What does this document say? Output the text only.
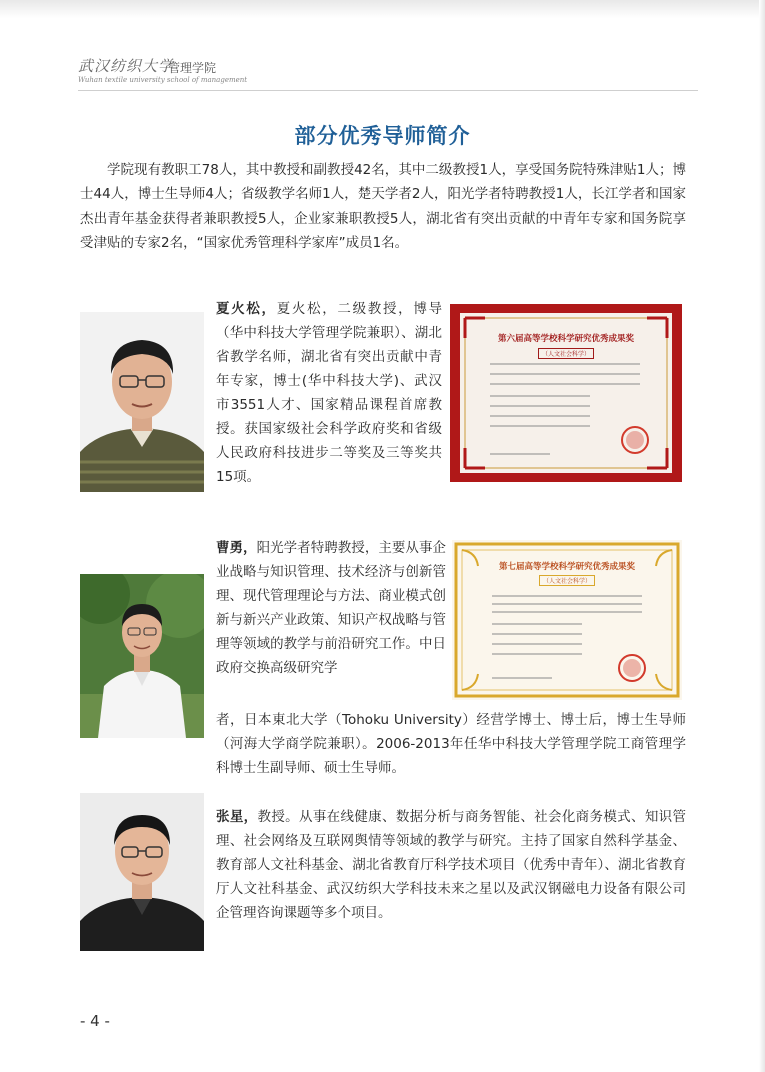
武汉纺织大学
管理学院
Wuhan textile university school of management
部分优秀导师简介

学院现有教职工78人，其中教授和副教授42名，其中二级教授1人，享受国务院特殊津贴1人；博士44人，博士生导师4人；省级教学名师1人，楚天学者2人，阳光学者特聘教授1人，长江学者和国家杰出青年基金获得者兼职教授5人，企业家兼职教授5人，湖北省有突出贡献的中青年专家和国务院享受津贴的专家2名，“国家优秀管理科学家库”成员1名。

夏火松，夏火松，二级教授，博导（华中科技大学管理学院兼职）、湖北省教学名师，湖北省有突出贡献中青年专家，博士(华中科技大学)、武汉市3551人才、国家精品课程首席教授。获国家级社会科学政府奖和省级人民政府科技进步二等奖及三等奖共15项。
第六届高等学校科学研究优秀成果奖
（人文社会科学）
曹勇，阳光学者特聘教授，主要从事企业战略与知识管理、技术经济与创新管理、现代管理理论与方法、商业模式创新与新兴产业政策、知识产权战略与管理等领域的教学与前沿研究工作。中日政府交换高级研究学
者，日本東北大学（Tohoku University）经营学博士、博士后，博士生导师（河海大学商学院兼职）。2006-2013年任华中科技大学管理学院工商管理学科博士生副导师、硕士生导师。
第七届高等学校科学研究优秀成果奖
（人文社会科学）
张星，教授。从事在线健康、数据分析与商务智能、社会化商务模式、知识管理、社会网络及互联网舆情等领域的教学与研究。主持了国家自然科学基金、教育部人文社科基金、湖北省教育厅科学技术项目（优秀中青年）、湖北省教育厅人文社科基金、武汉纺织大学科技未来之星以及武汉钢磁电力设备有限公司企管理咨询课题等多个项目。
- 4 -
